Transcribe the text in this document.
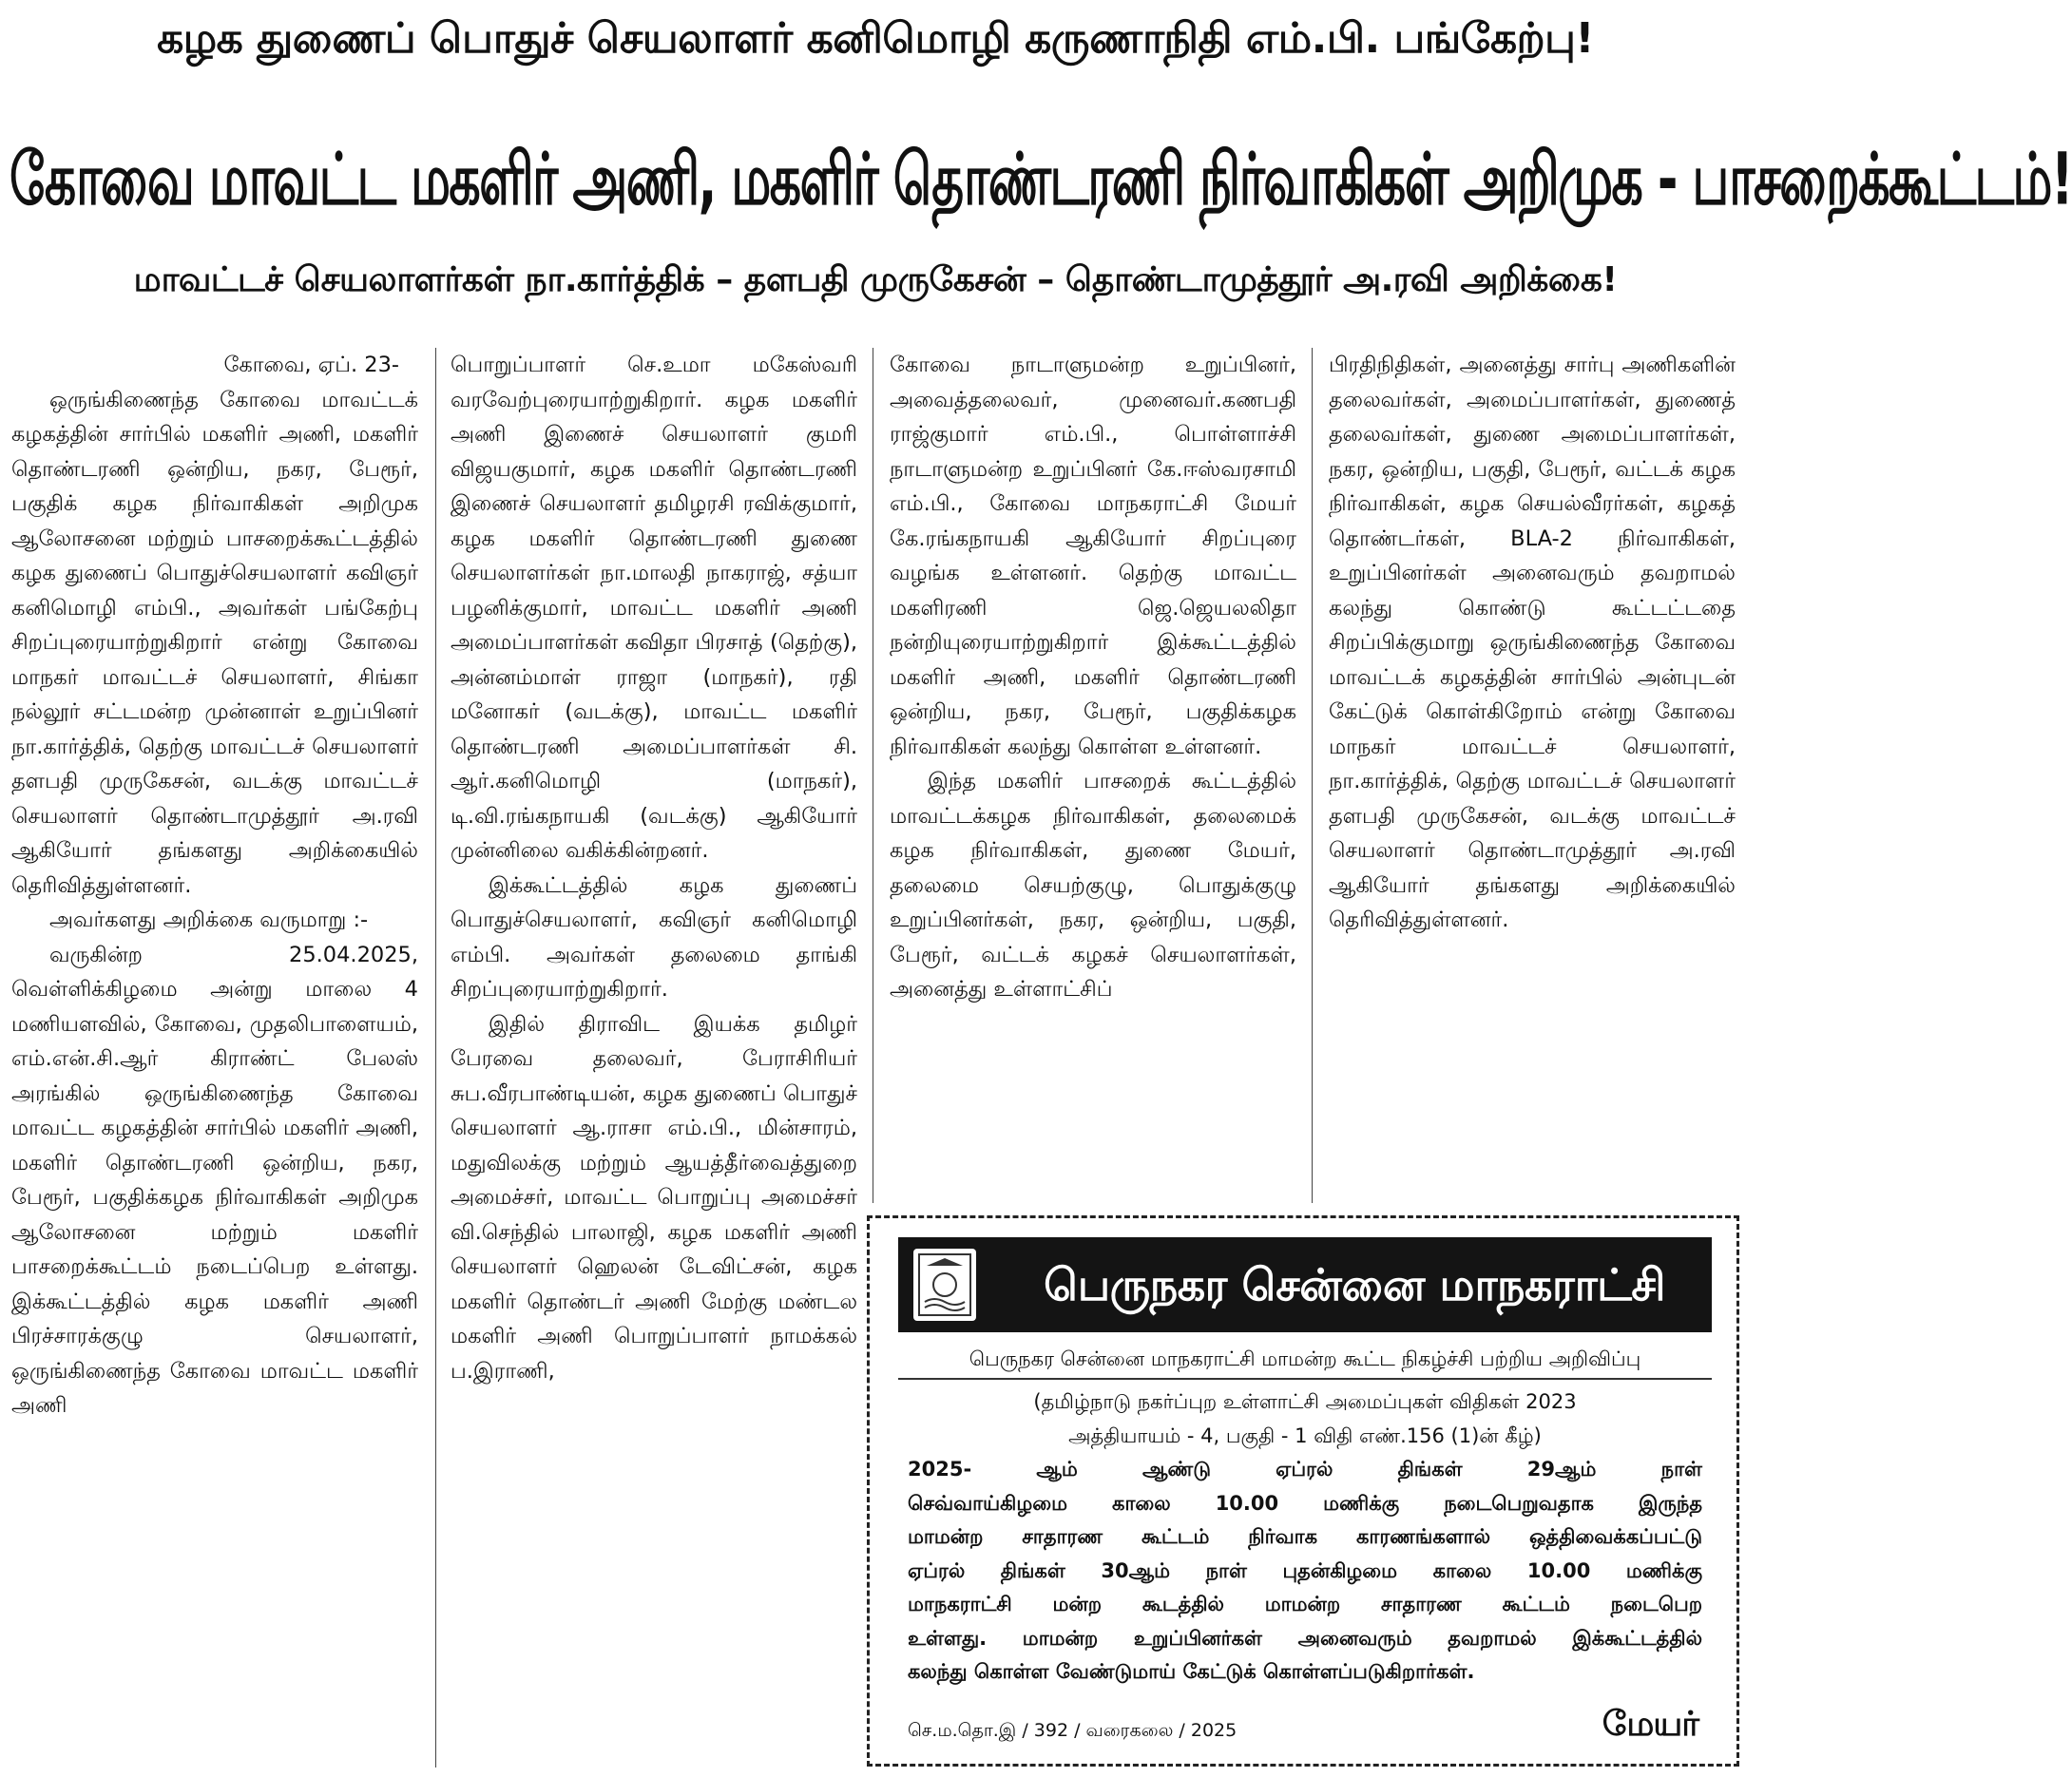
கழக துணைப் பொதுச் செயலாளர் கனிமொழி கருணாநிதி எம்.பி. பங்கேற்பு!
கோவை மாவட்ட மகளிர் அணி, மகளிர் தொண்டரணி நிர்வாகிகள் அறிமுக - பாசறைக்கூட்டம்!
மாவட்டச் செயலாளர்கள் நா.கார்த்திக் – தளபதி முருகேசன் – தொண்டாமுத்தூர் அ.ரவி அறிக்கை!

கோவை, ஏப். 23-

ஒருங்கிணைந்த கோவை மாவட்டக் கழகத்தின் சார்பில் மகளிர் அணி, மகளிர் தொண்டரணி ஒன்றிய, நகர, பேரூர், பகுதிக் கழக நிர்வாகிகள் அறிமுக ஆலோசனை மற்றும் பாசறைக்கூட்டத்தில் கழக துணைப் பொதுச்செயலாளர் கவிஞர் கனிமொழி எம்பி., அவர்கள் பங்கேற்பு சிறப்புரையாற்றுகிறார் என்று கோவை மாநகர் மாவட்டச் செயலாளர், சிங்கா நல்லூர் சட்டமன்ற முன்னாள் உறுப்பினர் நா.கார்த்திக், தெற்கு மாவட்டச் செயலாளர் தளபதி முருகேசன், வடக்கு மாவட்டச் செயலாளர் தொண்டாமுத்தூர் அ.ரவி ஆகியோர் தங்களது அறிக்கையில் தெரிவித்துள்ளனர்.

அவர்களது அறிக்கை வருமாறு :-

வருகின்ற 25.04.2025, வெள்ளிக்கிழமை அன்று மாலை 4 மணியளவில், கோவை, முதலிபாளையம், எம்.என்.சி.ஆர் கிராண்ட் பேலஸ் அரங்கில் ஒருங்கிணைந்த கோவை மாவட்ட கழகத்தின் சார்பில் மகளிர் அணி, மகளிர் தொண்டரணி ஒன்றிய, நகர, பேரூர், பகுதிக்கழக நிர்வாகிகள் அறிமுக ஆலோசனை மற்றும் மகளிர் பாசறைக்கூட்டம் நடைப்பெற உள்ளது. இக்கூட்டத்தில் கழக மகளிர் அணி பிரச்சாரக்குழு செயலாளர், ஒருங்கிணைந்த கோவை மாவட்ட மகளிர் அணி

பொறுப்பாளர் செ.உமா மகேஸ்வரி வரவேற்புரையாற்றுகிறார். கழக மகளிர் அணி இணைச் செயலாளர் குமரி விஜயகுமார், கழக மகளிர் தொண்டரணி இணைச் செயலாளர் தமிழரசி ரவிக்குமார், கழக மகளிர் தொண்டரணி துணை செயலாளர்கள் நா.மாலதி நாகராஜ், சத்யா பழனிக்குமார், மாவட்ட மகளிர் அணி அமைப்பாளர்கள் கவிதா பிரசாத் (தெற்கு), அன்னம்மாள் ராஜா (மாநகர்), ரதி மனோகர் (வடக்கு), மாவட்ட மகளிர் தொண்டரணி அமைப்பாளர்கள் சி. ஆர்.கனிமொழி (மாநகர்), டி.வி.ரங்கநாயகி (வடக்கு) ஆகியோர் முன்னிலை வகிக்கின்றனர்.

இக்கூட்டத்தில் கழக துணைப் பொதுச்செயலாளர், கவிஞர் கனிமொழி எம்பி. அவர்கள் தலைமை தாங்கி சிறப்புரையாற்றுகிறார்.

இதில் திராவிட இயக்க தமிழர் பேரவை தலைவர், பேராசிரியர் சுப.வீரபாண்டியன், கழக துணைப் பொதுச் செயலாளர் ஆ.ராசா எம்.பி., மின்சாரம், மதுவிலக்கு மற்றும் ஆயத்தீர்வைத்துறை அமைச்சர், மாவட்ட பொறுப்பு அமைச்சர் வி.செந்தில் பாலாஜி, கழக மகளிர் அணி செயலாளர் ஹெலன் டேவிட்சன், கழக மகளிர் தொண்டர் அணி மேற்கு மண்டல மகளிர் அணி பொறுப்பாளர் நாமக்கல் ப.இராணி,

கோவை நாடாளுமன்ற உறுப்பினர், அவைத்தலைவர், முனைவர்.கணபதி ராஜ்குமார் எம்.பி., பொள்ளாச்சி நாடாளுமன்ற உறுப்பினர் கே.ஈஸ்வரசாமி எம்.பி., கோவை மாநகராட்சி மேயர் கே.ரங்கநாயகி ஆகியோர் சிறப்புரை வழங்க உள்ளனர். தெற்கு மாவட்ட மகளிரணி ஜெ.ஜெயலலிதா நன்றியுரையாற்றுகிறார் இக்கூட்டத்தில் மகளிர் அணி, மகளிர் தொண்டரணி ஒன்றிய, நகர, பேரூர், பகுதிக்கழக நிர்வாகிகள் கலந்து கொள்ள உள்ளனர்.

இந்த மகளிர் பாசறைக் கூட்டத்தில் மாவட்டக்கழக நிர்வாகிகள், தலைமைக் கழக நிர்வாகிகள், துணை மேயர், தலைமை செயற்குழு, பொதுக்குழு உறுப்பினர்கள், நகர, ஒன்றிய, பகுதி, பேரூர், வட்டக் கழகச் செயலாளர்கள், அனைத்து உள்ளாட்சிப்

பிரதிநிதிகள், அனைத்து சார்பு அணிகளின் தலைவர்கள், அமைப்பாளர்கள், துணைத் தலைவர்கள், துணை அமைப்பாளர்கள், நகர, ஒன்றிய, பகுதி, பேரூர், வட்டக் கழக நிர்வாகிகள், கழக செயல்வீரர்கள், கழகத் தொண்டர்கள், BLA-2 நிர்வாகிகள், உறுப்பினர்கள் அனைவரும் தவறாமல் கலந்து கொண்டு கூட்டட்டதை சிறப்பிக்குமாறு ஒருங்கிணைந்த கோவை மாவட்டக் கழகத்தின் சார்பில் அன்புடன் கேட்டுக் கொள்கிறோம் என்று கோவை மாநகர் மாவட்டச் செயலாளர், நா.கார்த்திக், தெற்கு மாவட்டச் செயலாளர் தளபதி முருகேசன், வடக்கு மாவட்டச் செயலாளர் தொண்டாமுத்தூர் அ.ரவி ஆகியோர் தங்களது அறிக்கையில் தெரிவித்துள்ளனர்.

பெருநகர சென்னை மாநகராட்சி
பெருநகர சென்னை மாநகராட்சி மாமன்ற கூட்ட நிகழ்ச்சி பற்றிய அறிவிப்பு

(தமிழ்நாடு நகர்ப்புற உள்ளாட்சி அமைப்புகள் விதிகள் 2023

அத்தியாயம் - 4, பகுதி - 1 விதி எண்.156 (1)ன் கீழ்)

2025- ஆம் ஆண்டு ஏப்ரல் திங்கள் 29ஆம் நாள்

செவ்வாய்கிழமை காலை 10.00 மணிக்கு நடைபெறுவதாக இருந்த

மாமன்ற சாதாரண கூட்டம் நிர்வாக காரணங்களால் ஒத்திவைக்கப்பட்டு

ஏப்ரல் திங்கள் 30ஆம் நாள் புதன்கிழமை காலை 10.00 மணிக்கு

மாநகராட்சி மன்ற கூடத்தில் மாமன்ற சாதாரண கூட்டம் நடைபெற

உள்ளது. மாமன்ற உறுப்பினர்கள் அனைவரும் தவறாமல் இக்கூட்டத்தில்

கலந்து கொள்ள வேண்டுமாய் கேட்டுக் கொள்ளப்படுகிறார்கள்.

செ.ம.தொ.இ / 392 / வரைகலை / 2025	மேயர்
